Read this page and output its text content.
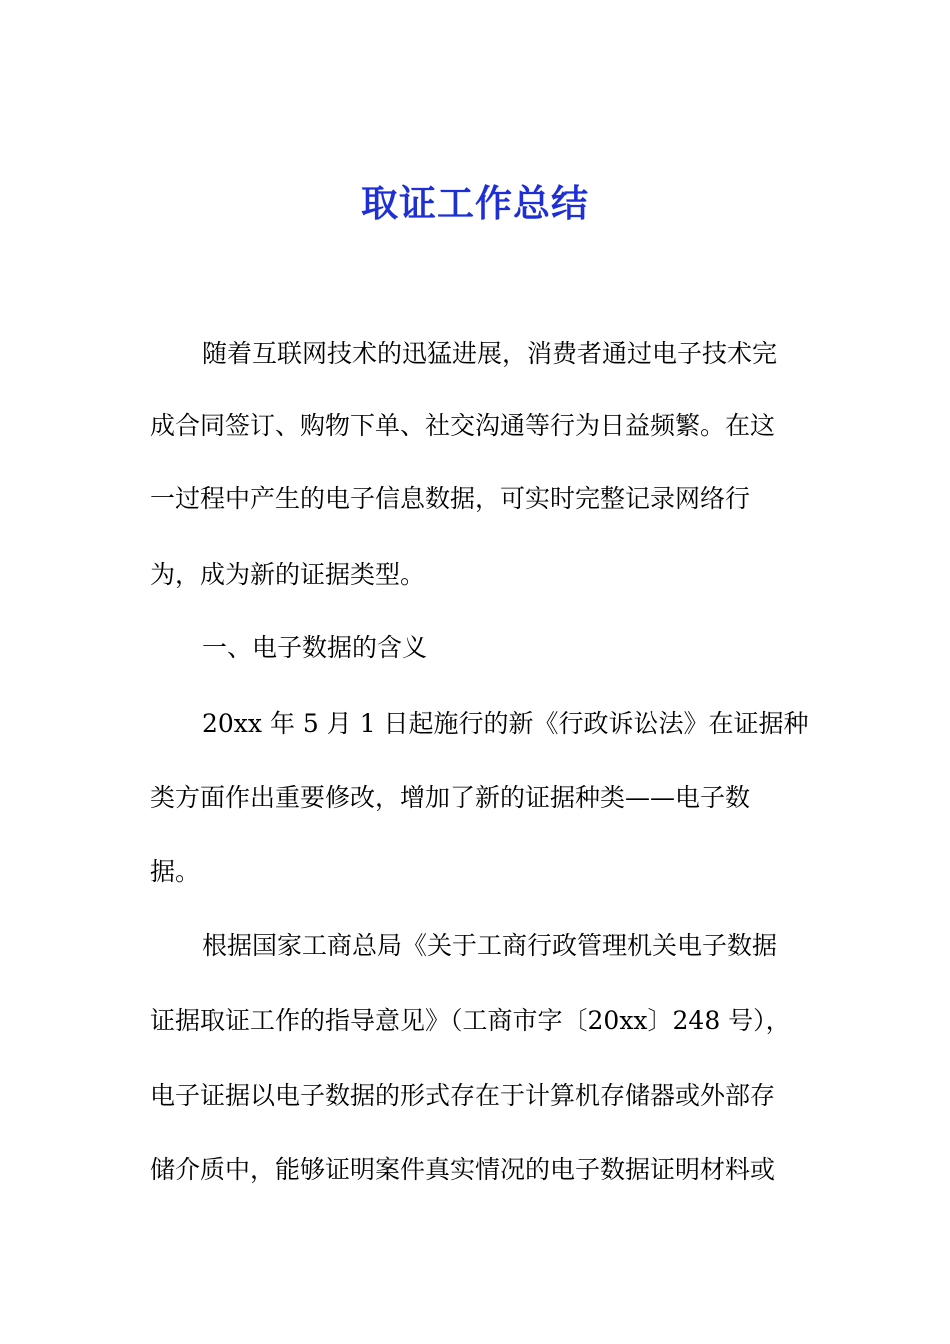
取证工作总结
随着互联网技术的迅猛进展，消费者通过电子技术完
成合同签订、购物下单、社交沟通等行为日益频繁。在这
一过程中产生的电子信息数据，可实时完整记录网络行
为，成为新的证据类型。
一、电子数据的含义
20xx 年 5 月 1 日起施行的新《行政诉讼法》在证据种
类方面作出重要修改，增加了新的证据种类——电子数
据。
根据国家工商总局《关于工商行政管理机关电子数据
证据取证工作的指导意见》（工商市字〔20xx〕248 号），
电子证据以电子数据的形式存在于计算机存储器或外部存
储介质中，能够证明案件真实情况的电子数据证明材料或
